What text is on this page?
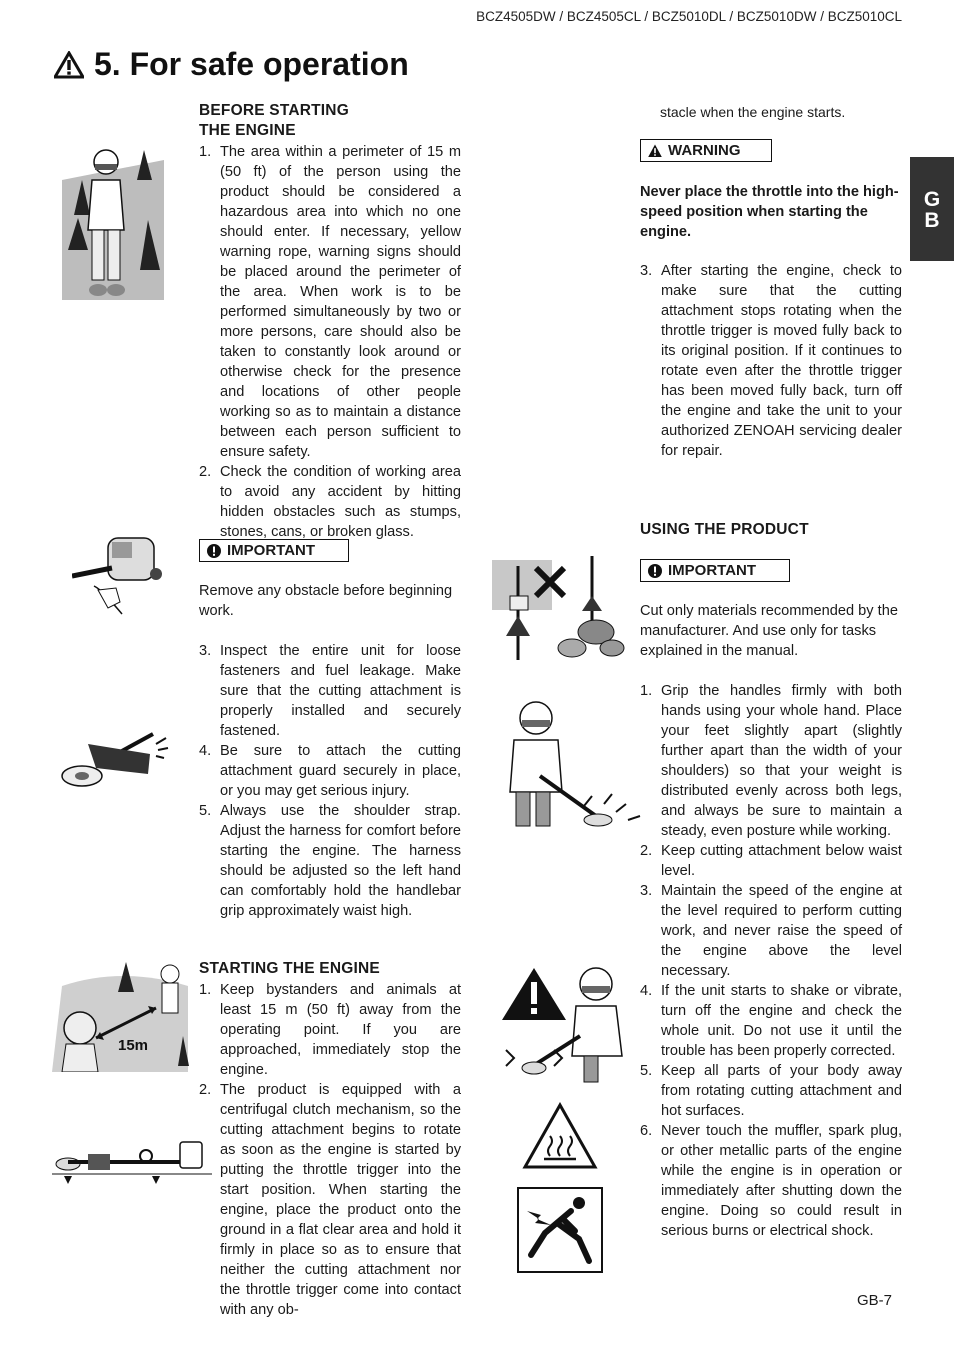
BCZ4505DW / BCZ4505CL / BCZ5010DL / BCZ5010DW / BCZ5010CL
5. For safe operation
G
B
15m
BEFORE STARTING
THE ENGINE
1. The area within a perimeter of 15 m (50 ft) of the person using the product should be considered a hazardous area into which no one should enter. If necessary, yellow warning rope, warning signs should be placed around the perimeter of the area. When work is to be performed simultaneously by two or more persons, care should also be taken to constantly look around or otherwise check for the presence and locations of other people working so as to maintain a distance between each person sufficient to ensure safety.
2. Check the condition of working area to avoid any accident by hitting hidden obstacles such as stumps, stones, cans, or broken glass.
IMPORTANT
Remove any obstacle before beginning work.
3. Inspect the entire unit for loose fasteners and fuel leakage. Make sure that the cutting attachment is properly installed and securely fastened.
4. Be sure to attach the cutting attachment guard securely in place, or you may get serious injury.
5. Always use the shoulder strap. Adjust the harness for comfort before starting the engine. The harness should be adjusted so the left hand can comfortably hold the handlebar grip approximately waist high.
STARTING THE ENGINE
1. Keep bystanders and animals at least 15 m (50 ft) away from the operating point. If you are approached, immediately stop the engine.
2. The product is equipped with a centrifugal clutch mechanism, so the cutting attachment begins to rotate as soon as the engine is started by putting the throttle trigger into the start position. When starting the engine, place the product onto the ground in a flat clear area and hold it firmly in place so as to ensure that neither the cutting attachment nor the throttle trigger come into contact with any ob-
stacle when the engine starts.
WARNING
Never place the throttle into the high-speed position when starting the engine.
3. After starting the engine, check to make sure that the cutting attachment stops rotating when the throttle trigger is moved fully back to its original position. If it continues to rotate even after the throttle trigger has been moved fully back, turn off the engine and take the unit to your authorized ZENOAH servicing dealer for repair.
USING THE PRODUCT
IMPORTANT
Cut only materials recommended by the manufacturer. And use only for tasks explained in the manual.
1. Grip the handles firmly with both hands using your whole hand. Place your feet slightly apart (slightly further apart than the width of your shoulders) so that your weight is distributed evenly across both legs, and always be sure to maintain a steady, even posture while working.
2. Keep cutting attachment below waist level.
3. Maintain the speed of the engine at the level required to perform cutting work, and never raise the speed of the engine above the level necessary.
4. If the unit starts to shake or vibrate, turn off the engine and check the whole unit. Do not use it until the trouble has been properly corrected.
5. Keep all parts of your body away from rotating cutting attachment and hot surfaces.
6. Never touch the muffler, spark plug, or other metallic parts of the engine while the engine is in operation or immediately after shutting down the engine. Doing so could result in serious burns or electrical shock.
GB-7
